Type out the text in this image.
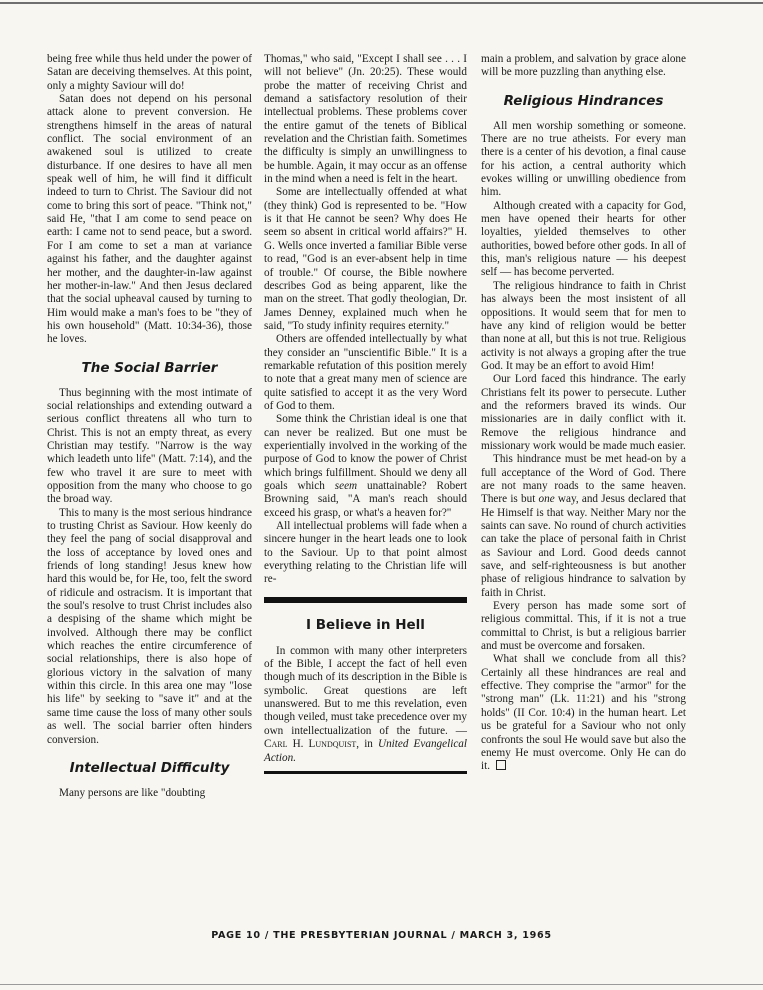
being free while thus held under the power of Satan are deceiving themselves. At this point, only a mighty Saviour will do!

Satan does not depend on his personal attack alone to prevent conversion. He strengthens himself in the areas of natural conflict. The social environment of an awakened soul is utilized to create disturbance. If one desires to have all men speak well of him, he will find it difficult indeed to turn to Christ. The Saviour did not come to bring this sort of peace. "Think not," said He, "that I am come to send peace on earth: I came not to send peace, but a sword. For I am come to set a man at variance against his father, and the daughter against her mother, and the daughter-in-law against her mother-in-law." And then Jesus declared that the social upheaval caused by turning to Him would make a man's foes to be "they of his own household" (Matt. 10:34-36), those he loves.

The Social Barrier

Thus beginning with the most intimate of social relationships and extending outward a serious conflict threatens all who turn to Christ. This is not an empty threat, as every Christian may testify. "Narrow is the way which leadeth unto life" (Matt. 7:14), and the few who travel it are sure to meet with opposition from the many who choose to go the broad way.

This to many is the most serious hindrance to trusting Christ as Saviour. How keenly do they feel the pang of social disapproval and the loss of acceptance by loved ones and friends of long standing! Jesus knew how hard this would be, for He, too, felt the sword of ridicule and ostracism. It is important that the soul's resolve to trust Christ includes also a despising of the shame which might be involved. Although there may be conflict which reaches the entire circumference of social relationships, there is also hope of glorious victory in the salvation of many within this circle. In this area one may "lose his life" by seeking to "save it" and at the same time cause the loss of many other souls as well. The social barrier often hinders conversion.

Intellectual Difficulty

Many persons are like "doubting

Thomas," who said, "Except I shall see . . . I will not believe" (Jn. 20:25). These would probe the matter of receiving Christ and demand a satisfactory resolution of their intellectual problems. These problems cover the entire gamut of the tenets of Biblical revelation and the Christian faith. Sometimes the difficulty is simply an unwillingness to be humble. Again, it may occur as an offense in the mind when a need is felt in the heart.

Some are intellectually offended at what (they think) God is represented to be. "How is it that He cannot be seen? Why does He seem so absent in critical world affairs?" H. G. Wells once inverted a familiar Bible verse to read, "God is an ever-absent help in time of trouble." Of course, the Bible nowhere describes God as being apparent, like the man on the street. That godly theologian, Dr. James Denney, explained much when he said, "To study infinity requires eternity."

Others are offended intellectually by what they consider an "unscientific Bible." It is a remarkable refutation of this position merely to note that a great many men of science are quite satisfied to accept it as the very Word of God to them.

Some think the Christian ideal is one that can never be realized. But one must be experientially involved in the working of the purpose of God to know the power of Christ which brings fulfillment. Should we deny all goals which seem unattainable? Robert Browning said, "A man's reach should exceed his grasp, or what's a heaven for?"

All intellectual problems will fade when a sincere hunger in the heart leads one to look to the Saviour. Up to that point almost everything relating to the Christian life will re-

I Believe in Hell

In common with many other interpreters of the Bible, I accept the fact of hell even though much of its description in the Bible is symbolic. Great questions are left unanswered. But to me this revelation, even though veiled, must take precedence over my own intellectualization of the future. — Carl H. Lundquist, in United Evangelical Action.

main a problem, and salvation by grace alone will be more puzzling than anything else.

Religious Hindrances

All men worship something or someone. There are no true atheists. For every man there is a center of his devotion, a final cause for his action, a central authority which evokes willing or unwilling obedience from him.

Although created with a capacity for God, men have opened their hearts for other loyalties, yielded themselves to other authorities, bowed before other gods. In all of this, man's religious nature — his deepest self — has become perverted.

The religious hindrance to faith in Christ has always been the most insistent of all oppositions. It would seem that for men to have any kind of religion would be better than none at all, but this is not true. Religious activity is not always a groping after the true God. It may be an effort to avoid Him!

Our Lord faced this hindrance. The early Christians felt its power to persecute. Luther and the reformers braved its winds. Our missionaries are in daily conflict with it. Remove the religious hindrance and missionary work would be made much easier.

This hindrance must be met head-on by a full acceptance of the Word of God. There are not many roads to the same heaven. There is but one way, and Jesus declared that He Himself is that way. Neither Mary nor the saints can save. No round of church activities can take the place of personal faith in Christ as Saviour and Lord. Good deeds cannot save, and self-righteousness is but another phase of religious hindrance to salvation by faith in Christ.

Every person has made some sort of religious committal. This, if it is not a true committal to Christ, is but a religious barrier and must be overcome and forsaken.

What shall we conclude from all this? Certainly all these hindrances are real and effective. They comprise the "armor" for the "strong man" (Lk. 11:21) and his "strong holds" (II Cor. 10:4) in the human heart. Let us be grateful for a Saviour who not only confronts the soul He would save but also the enemy He must overcome. Only He can do it.

PAGE 10 / THE PRESBYTERIAN JOURNAL / MARCH 3, 1965
